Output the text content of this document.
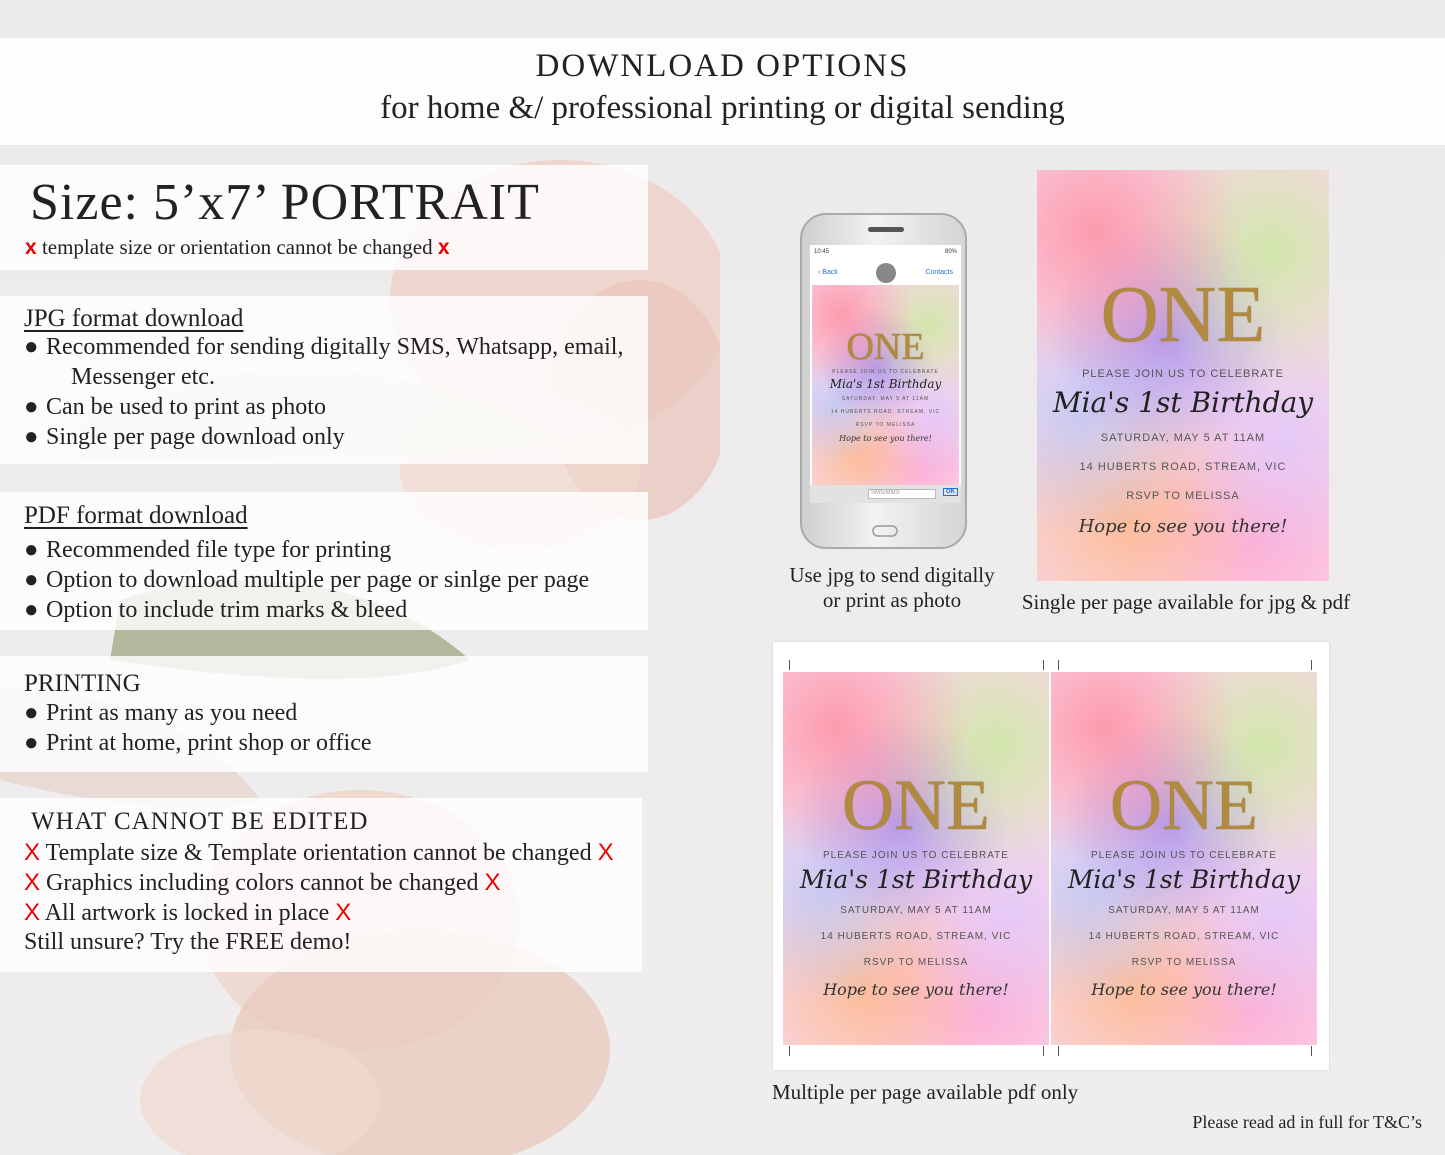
DOWNLOAD OPTIONS
for home &/ professional printing or digital sending
Size: 5’x7’ PORTRAIT
x template size or orientation cannot be changed x
JPG format download
● Recommended for sending digitally SMS, Whatsapp, email,
Messenger etc.
● Can be used to print as photo
● Single per page download only
PDF format download
● Recommended file type for printing
● Option to download multiple per page or sinlge per page
● Option to include trim marks & bleed
PRINTING
● Print as many as you need
● Print at home, print shop or office
WHAT CANNOT BE EDITED
X Template size & Template orientation cannot be changed X
X Graphics including colors cannot be changed X
X All artwork is locked in place X
Still unsure? Try the FREE demo!
10:45	80%
‹ Back	Contacts
ONE
PLEASE JOIN US TO CELEBRATE
Mia's 1st Birthday
SATURDAY, MAY 5 AT 11AM
14 HUBERTS ROAD, STREAM, VIC
RSVP TO MELISSA
Hope to see you there!
SMS/MMS	OK
ONE
PLEASE JOIN US TO CELEBRATE
Mia's 1st Birthday
SATURDAY, MAY 5 AT 11AM
14 HUBERTS ROAD, STREAM, VIC
RSVP TO MELISSA
Hope to see you there!
Use jpg to send digitally
or print as photo	Single per page available for jpg & pdf
ONE
PLEASE JOIN US TO CELEBRATE
Mia's 1st Birthday
SATURDAY, MAY 5 AT 11AM
14 HUBERTS ROAD, STREAM, VIC
RSVP TO MELISSA
Hope to see you there!
ONE
PLEASE JOIN US TO CELEBRATE
Mia's 1st Birthday
SATURDAY, MAY 5 AT 11AM
14 HUBERTS ROAD, STREAM, VIC
RSVP TO MELISSA
Hope to see you there!
Multiple per page available pdf only
Please read ad in full for T&C’s
